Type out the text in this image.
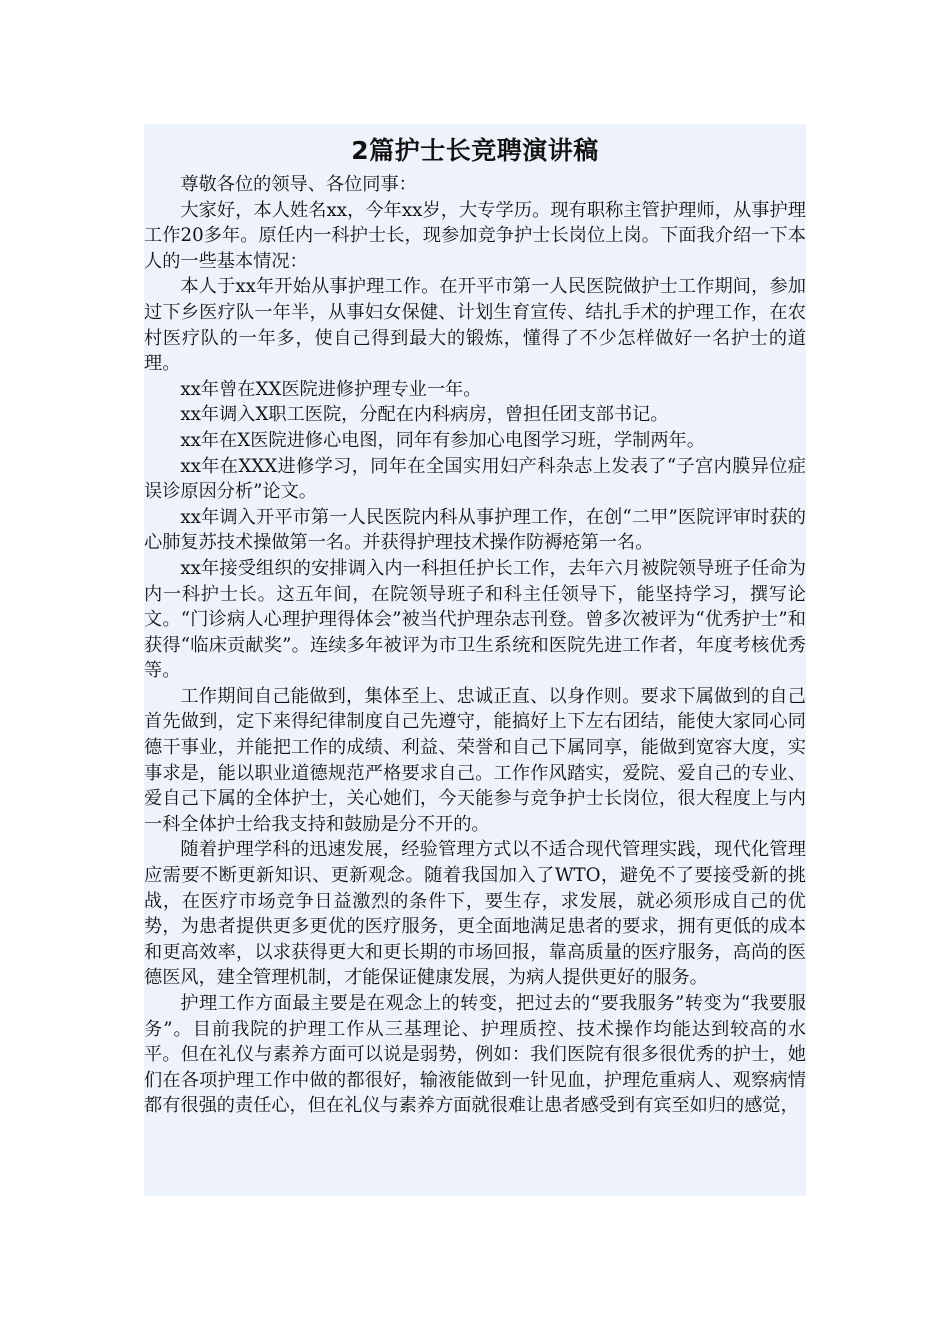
2篇护士长竞聘演讲稿

尊敬各位的领导、各位同事：

大家好，本人姓名xx，今年xx岁，大专学历。现有职称主管护理师，从事护理工作20多年。原任内一科护士长，现参加竞争护士长岗位上岗。下面我介绍一下本人的一些基本情况：

本人于xx年开始从事护理工作。在开平市第一人民医院做护士工作期间，参加过下乡医疗队一年半，从事妇女保健、计划生育宣传、结扎手术的护理工作，在农村医疗队的一年多，使自己得到最大的锻炼，懂得了不少怎样做好一名护士的道理。

xx年曾在XX医院进修护理专业一年。

xx年调入X职工医院，分配在内科病房，曾担任团支部书记。

xx年在X医院进修心电图，同年有参加心电图学习班，学制两年。

xx年在XXX进修学习，同年在全国实用妇产科杂志上发表了“子宫内膜异位症误诊原因分析”论文。

xx年调入开平市第一人民医院内科从事护理工作，在创“二甲”医院评审时获的心肺复苏技术操做第一名。并获得护理技术操作防褥疮第一名。

xx年接受组织的安排调入内一科担任护长工作，去年六月被院领导班子任命为内一科护士长。这五年间，在院领导班子和科主任领导下，能坚持学习，撰写论文。“门诊病人心理护理得体会”被当代护理杂志刊登。曾多次被评为“优秀护士”和获得“临床贡献奖”。连续多年被评为市卫生系统和医院先进工作者，年度考核优秀等。

工作期间自己能做到，集体至上、忠诚正直、以身作则。要求下属做到的自己首先做到，定下来得纪律制度自己先遵守，能搞好上下左右团结，能使大家同心同德干事业，并能把工作的成绩、利益、荣誉和自己下属同享，能做到宽容大度，实事求是，能以职业道德规范严格要求自己。工作作风踏实，爱院、爱自己的专业、爱自己下属的全体护士，关心她们，今天能参与竞争护士长岗位，很大程度上与内一科全体护士给我支持和鼓励是分不开的。

随着护理学科的迅速发展，经验管理方式以不适合现代管理实践，现代化管理应需要不断更新知识、更新观念。随着我国加入了WTO，避免不了要接受新的挑战，在医疗市场竞争日益激烈的条件下，要生存，求发展，就必须形成自己的优势，为患者提供更多更优的医疗服务，更全面地满足患者的要求，拥有更低的成本和更高效率，以求获得更大和更长期的市场回报，靠高质量的医疗服务，高尚的医德医风，建全管理机制，才能保证健康发展，为病人提供更好的服务。

护理工作方面最主要是在观念上的转变，把过去的“要我服务”转变为“我要服务”。目前我院的护理工作从三基理论、护理质控、技术操作均能达到较高的水平。但在礼仪与素养方面可以说是弱势，例如：我们医院有很多很优秀的护士，她们在各项护理工作中做的都很好，输液能做到一针见血，护理危重病人、观察病情都有很强的责任心，但在礼仪与素养方面就很难让患者感受到有宾至如归的感觉，
